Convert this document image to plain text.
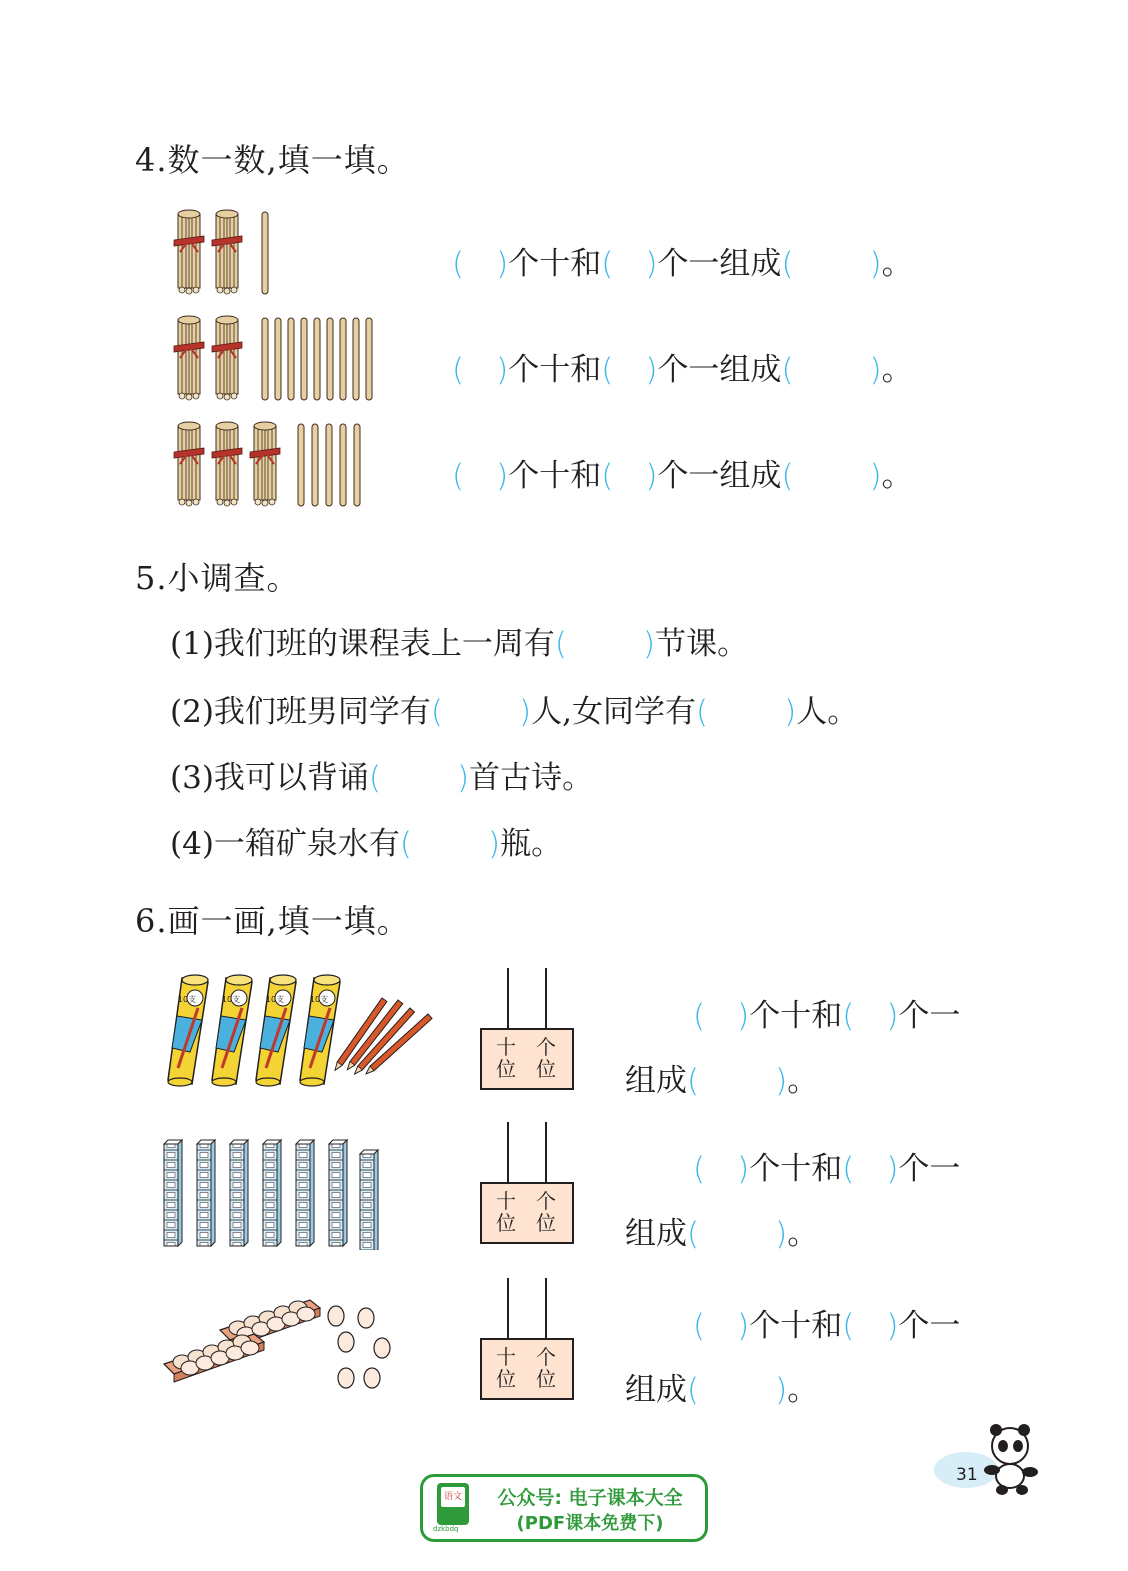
4.数一数,填一填。
( ) 个十和 ( ) 个一组成 ( ) 。
( ) 个十和 ( ) 个一组成 ( ) 。
( ) 个十和 ( ) 个一组成 ( ) 。
5.小调查。
(1)我们班的课程表上一周有 ( ) 节课。
(2)我们班男同学有 ( ) 人,女同学有 ( ) 人。
(3)我可以背诵 ( ) 首古诗。
(4)一箱矿泉水有 ( ) 瓶。
6.画一画,填一填。
10支	10支	10支	10支
十
位
个
位
十
位
个
位
十
位
个
位
( ) 个十和 ( ) 个一
组成 ( ) 。
( ) 个十和 ( ) 个一
组成 ( ) 。
( ) 个十和 ( ) 个一
组成 ( ) 。
31
语文
dzkbdq
公众号: 电子课本大全
(PDF课本免费下)
